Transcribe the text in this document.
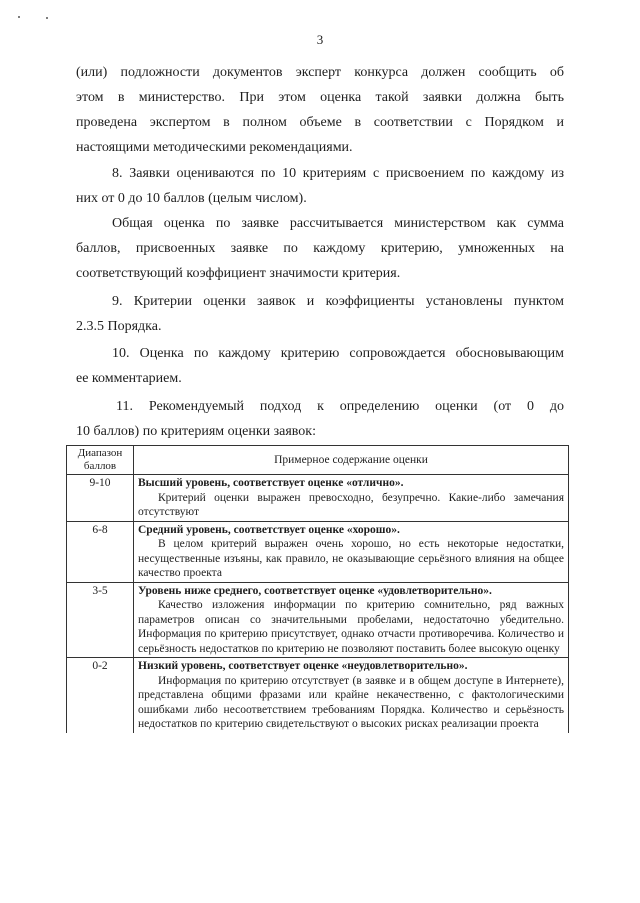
3
(или) подложности документов эксперт конкурса должен сообщить об
этом в министерство. При этом оценка такой заявки должна быть
проведена экспертом в полном объеме в соответствии с Порядком и
настоящими методическими рекомендациями.
8. Заявки оцениваются по 10 критериям с присвоением по каждому из
них от 0 до 10 баллов (целым числом).
Общая оценка по заявке рассчитывается министерством как сумма
баллов, присвоенных заявке по каждому критерию, умноженных на
соответствующий коэффициент значимости критерия.
9. Критерии оценки заявок и коэффициенты установлены пунктом
2.3.5 Порядка.
10. Оценка по каждому критерию сопровождается обосновывающим
ее комментарием.
11. Рекомендуемый подход к определению оценки (от 0 до
10 баллов) по критериям оценки заявок:
Диапазон баллов	Примерное содержание оценки
9-10	Высший уровень, соответствует оценке «отлично».
Критерий оценки выражен превосходно, безупречно. Какие-либо замечания отсутствуют

6-8	Средний уровень, соответствует оценке «хорошо».
В целом критерий выражен очень хорошо, но есть некоторые недостатки, несущественные изъяны, как правило, не оказывающие серьёзного влияния на общее качество проекта

3-5	Уровень ниже среднего, соответствует оценке «удовлетворительно».
Качество изложения информации по критерию сомнительно, ряд важных параметров описан со значительными пробелами, недостаточно убедительно. Информация по критерию присутствует, однако отчасти противоречива. Количество и серьёзность недостатков по критерию не позволяют поставить более высокую оценку

0-2	Низкий уровень, соответствует оценке «неудовлетворительно».
Информация по критерию отсутствует (в заявке и в общем доступе в Интернете), представлена общими фразами или крайне некачественно, с фактологическими ошибками либо несоответствием требованиям Порядка. Количество и серьёзность недостатков по критерию свидетельствуют о высоких рисках реализации проекта
